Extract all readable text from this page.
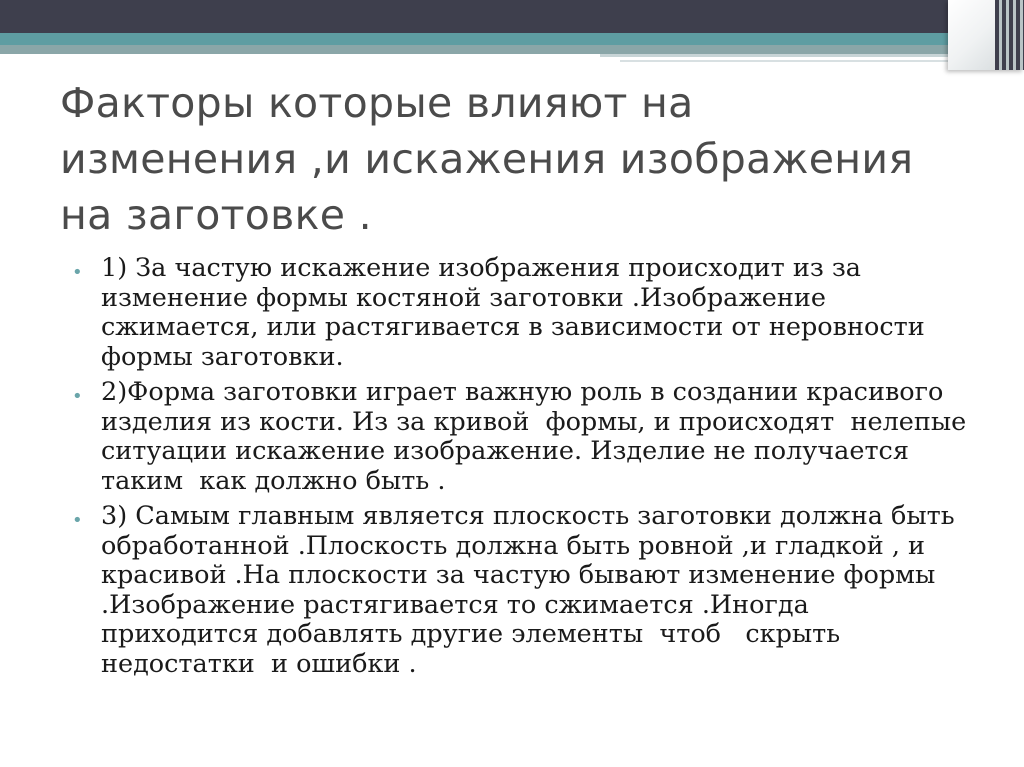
Факторы которые влияют на изменения ,и искажения изображения на заготовке .
• 1) За частую искажение изображения происходит из за изменение формы костяной заготовки .Изображение сжимается, или растягивается в зависимости от неровности формы заготовки.
• 2)Форма заготовки играет важную роль в создании красивого изделия из кости. Из за кривой  формы, и происходят  нелепые ситуации искажение изображение. Изделие не получается таким  как должно быть .
• 3) Самым главным является плоскость заготовки должна быть  обработанной .Плоскость должна быть ровной ,и гладкой , и красивой .На плоскости за частую бывают изменение формы .Изображение растягивается то сжимается .Иногда приходится добавлять другие элементы  чтоб   скрыть  недостатки  и ошибки .
